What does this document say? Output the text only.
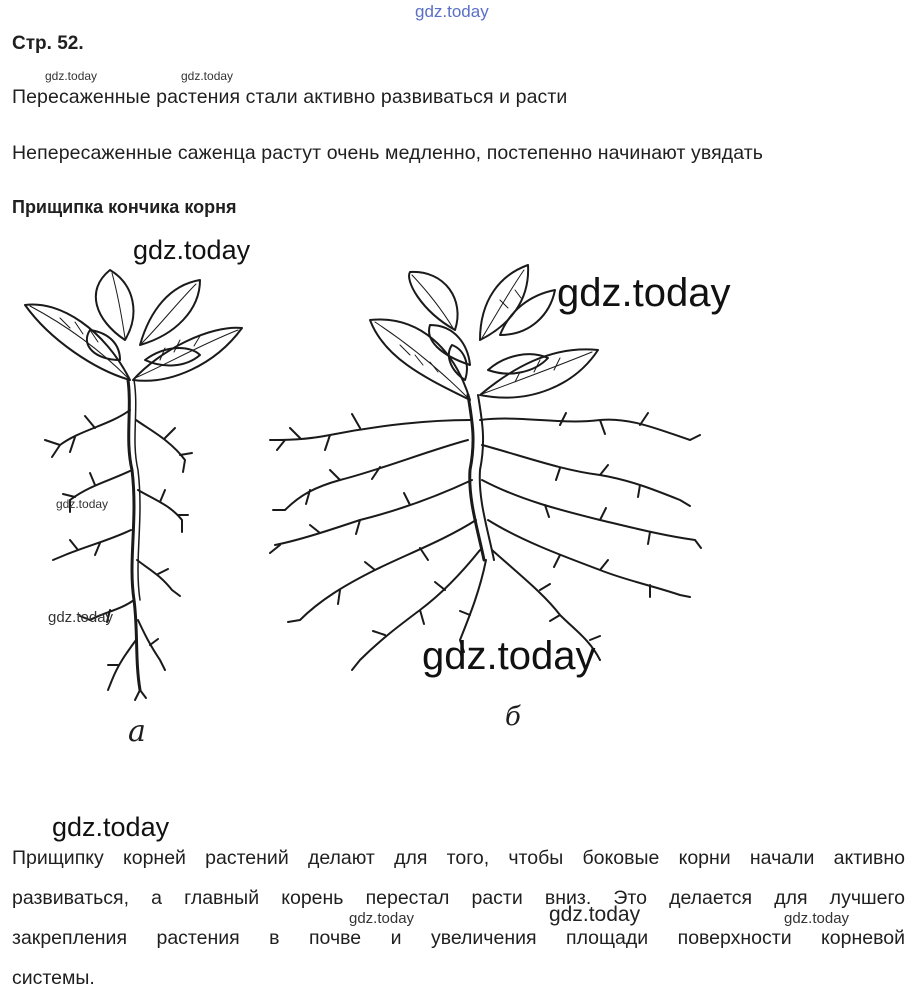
gdz.today
Стр. 52.
gdz.today	gdz.today
Пересаженные растения стали активно развиваться и расти
Непересаженные саженца растут очень медленно, постепенно начинают увядать
Прищипка кончика корня
gdz.today
gdz.today
gdz.today
gdz.today
gdz.today
а	б
gdz.today
Прищипку корней растений делают для того, чтобы боковые корни начали активно
развиваться, а главный корень перестал расти вниз. Это делается для лучшего
закрепления растения в почве и увеличения площади поверхности корневой
системы.
gdz.today	gdz.today	gdz.today
